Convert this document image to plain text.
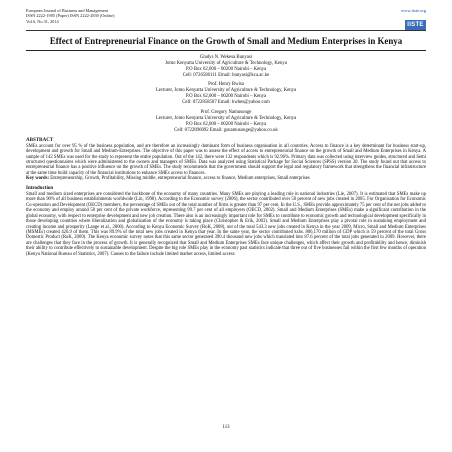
European Journal of Business and Management
ISSN 2222-1905 (Paper) ISSN 2222-2839 (Online)
Vol.6, No.31, 2014
www.iiste.org
IISTE
Effect of Entrepreneurial Finance on the Growth of Small and Medium Enterprises in Kenya
Gladys N. Wekesa Bunyasi
Jomo Kenyatta University of Agriculture & Technology, Kenya
P.O Box 62,000 – 00200 Nairobi – Kenya
Cell: 0726586111 Email: bunyasi@kca.ac.ke
Prof. Henry Bwisa
Lecturer, Jomo Kenyatta University of Agriculture & Technology, Kenya
P.O Box 62,000 – 00200 Nairobi – Kenya
Cell: 0722858507 Email: hwbes@yahoo.com
Prof. Gregory Namusonge
Lecturer, Jomo Kenyatta University of Agriculture & Technology, Kenya
P.O Box 62,000 – 00200 Nairobi – Kenya
Cell: 0722896092 Email: gsnamusonge@yahoo.co.uk
ABSTRACT

SMEs account for over 95 % of the business population, and are therefore an increasingly dominant form of business organisation in all countries. Access to finance is a key determinant for business start-up, development and growth for Small and Medium-Enterprises. The objective of this paper was to assess the effect of access to entrepreneurial finance on the growth of Small and Medium Enterprises in Kenya. A sample of 142 SMEs was used for the study to represent the entire population. Out of the 142, there were 132 respondents which is 92.96%. Primary data was collected using interview guides, structured and Semi structured questionnaires which were administered to the owners and managers of SMEs. Data was analyzed using Statistical Package for Social Sciences (SPSS) version 20. The study found out that access to entrepreneurial finance has a positive influence on the growth of SMEs. The study recommends that the government should support the legal and regulatory framework that strengthens the financial infrastructure at the same time build capacity of the financial institutions to enhance SMEs access to finances.

Key words: Entrepreneurship, Growth, Profitability, Missing middle, entrepreneurial finance, access to finance, Medium enterprises, Small enterprises

Introduction

Small and medium sized enterprises are considered the backbone of the economy of many countries. Many SMEs are playing a leading role in national industries (Lie, 2007). It is estimated that SMEs make up more than 90% of all business establishments worldwide (Lin, 1998). According to the Economic survey (2006), the sector contributed over 50 percent of new jobs created in 2005. For Organisation for Economic Co-operation and Development (OECD) members, the percentage of SMEs out of the total number of firms is greater than 97 per cent. In the U.S., SMEs provide approximately 75 per cent of the net jobs added to the economy and employ around 50 per cent of the private workforce, representing 99.7 per cent of all employers (OECD, 2002). Small and Medium Enterprises (SMEs) make a significant contribution in the global economy, with respect to enterprise development and new job creation. There also is an increasingly important role for SMEs to contribute to economic growth and technological development specifically in those developing countries where liberalization and globalization of the economy is taking place (Christopher & Erik, 2003). Small and Medium Enterprises play a pivotal role in sustaining employment and creating income and prosperity (Lange et al., 2000). According to Kenya Economic Survey (RoK, 2008), out of the total 543.3 new jobs created in Kenya in the year 2009, Micro, Small and Medium Enterprises (MSMEs) created 426.9 of them. This was 89.9% of the total new jobs created in Kenya that year. In the same year, the sector contributed kshs. 806,170 million of GDP which is 59 percent of the total Gross Domestic Product (RoK, 2009). The Kenya economic survey notes that this same sector generated 390.4 thousand new jobs which translated into 87.6 percent of the total jobs generated in 2009. However, there are challenges that they face in the process of growth. It is generally recognized that Small and Medium Enterprises SMEs face unique challenges, which affect their growth and profitability and hence, diminish their ability to contribute effectively to sustainable development. Despite the big role SMEs play in the economy past statistics indicate that three out of five businesses fail within the first few months of operation (Kenya National Bureau of Statistics, 2007). Causes to the failure include limited market access, limited access

113
